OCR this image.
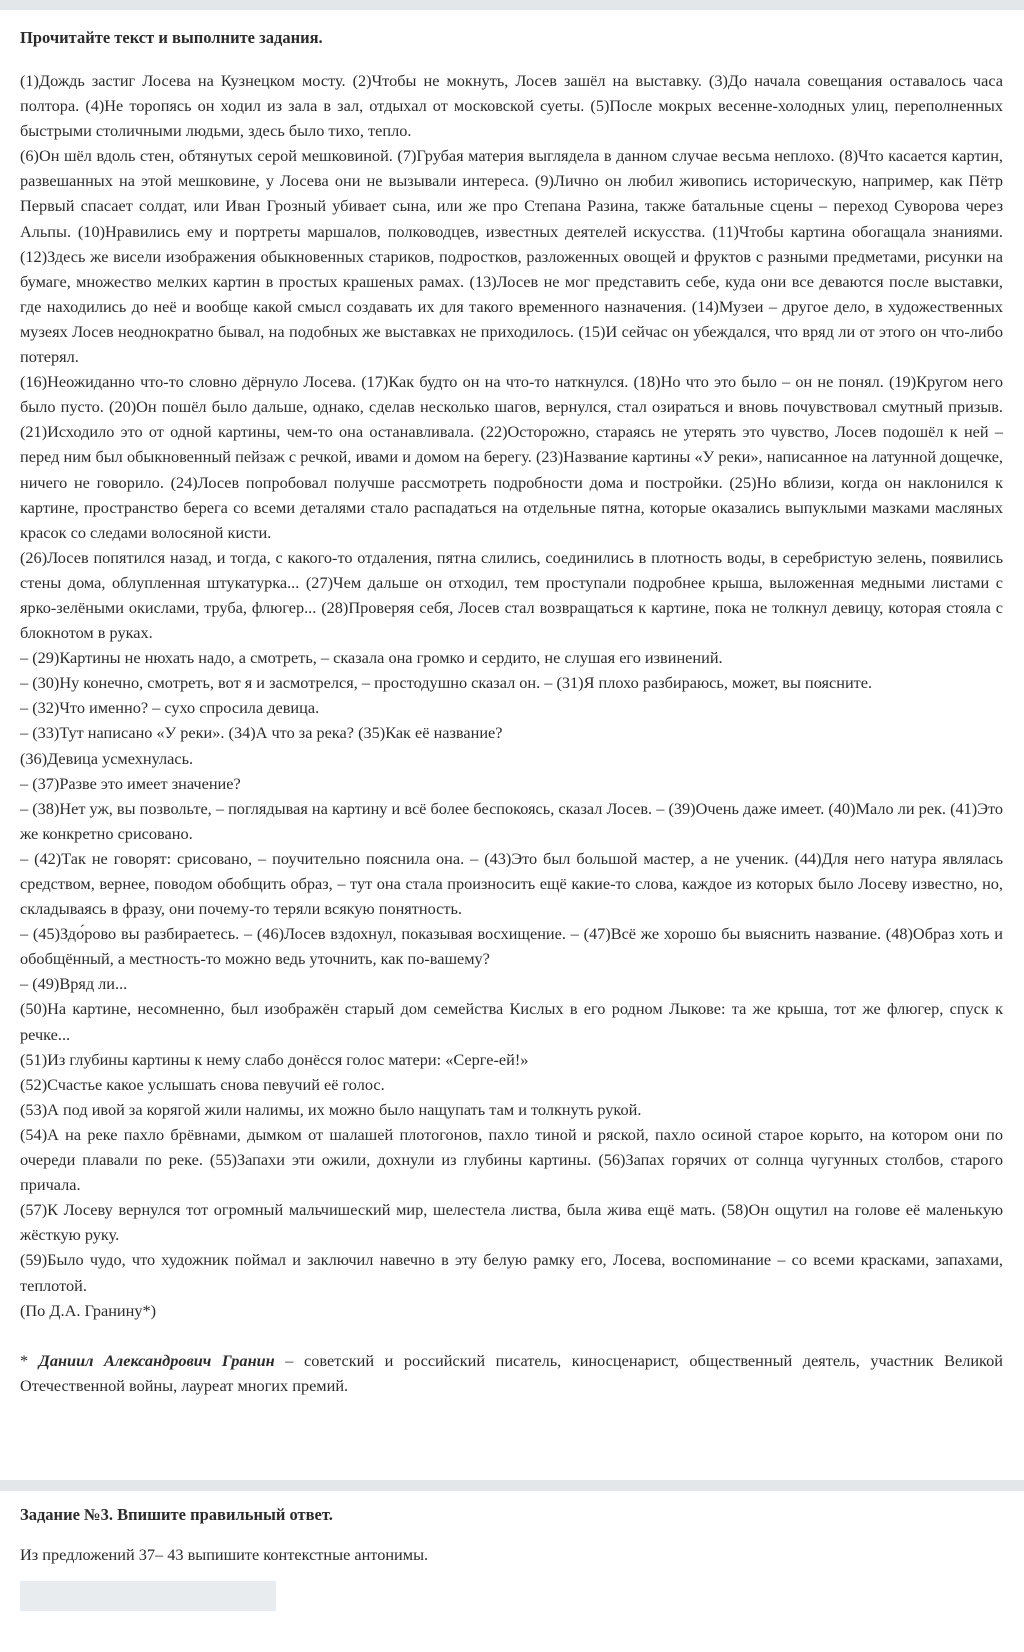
Прочитайте текст и выполните задания.

(1)Дождь застиг Лосева на Кузнецком мосту. (2)Чтобы не мокнуть, Лосев зашёл на выставку. (3)До начала совещания оставалось часа полтора. (4)Не торопясь он ходил из зала в зал, отдыхал от московской суеты. (5)После мокрых весенне-холодных улиц, переполненных быстрыми столичными людьми, здесь было тихо, тепло.

(6)Он шёл вдоль стен, обтянутых серой мешковиной. (7)Грубая материя выглядела в данном случае весьма неплохо. (8)Что касается картин, развешанных на этой мешковине, у Лосева они не вызывали интереса. (9)Лично он любил живопись историческую, например, как Пётр Первый спасает солдат, или Иван Грозный убивает сына, или же про Степана Разина, также батальные сцены – переход Суворова через Альпы. (10)Нравились ему и портреты маршалов, полководцев, известных деятелей искусства. (11)Чтобы картина обогащала знаниями. (12)Здесь же висели изображения обыкновенных стариков, подростков, разложенных овощей и фруктов с разными предметами, рисунки на бумаге, множество мелких картин в простых крашеных рамах. (13)Лосев не мог представить себе, куда они все деваются после выставки, где находились до неё и вообще какой смысл создавать их для такого временного назначения. (14)Музеи – другое дело, в художественных музеях Лосев неоднократно бывал, на подобных же выставках не приходилось. (15)И сейчас он убеждался, что вряд ли от этого он что-либо потерял.

(16)Неожиданно что-то словно дёрнуло Лосева. (17)Как будто он на что-то наткнулся. (18)Но что это было – он не понял. (19)Кругом него было пусто. (20)Он пошёл было дальше, однако, сделав несколько шагов, вернулся, стал озираться и вновь почувствовал смутный призыв. (21)Исходило это от одной картины, чем-то она останавливала. (22)Осторожно, стараясь не утерять это чувство, Лосев подошёл к ней – перед ним был обыкновенный пейзаж с речкой, ивами и домом на берегу. (23)Название картины «У реки», написанное на латунной дощечке, ничего не говорило. (24)Лосев попробовал получше рассмотреть подробности дома и постройки. (25)Но вблизи, когда он наклонился к картине, пространство берега со всеми деталями стало распадаться на отдельные пятна, которые оказались выпуклыми мазками масляных красок со следами волосяной кисти.

(26)Лосев попятился назад, и тогда, с какого-то отдаления, пятна слились, соединились в плотность воды, в серебристую зелень, появились стены дома, облупленная штукатурка... (27)Чем дальше он отходил, тем проступали подробнее крыша, выложенная медными листами с ярко-зелёными окислами, труба, флюгер... (28)Проверяя себя, Лосев стал возвращаться к картине, пока не толкнул девицу, которая стояла с блокнотом в руках.

– (29)Картины не нюхать надо, а смотреть, – сказала она громко и сердито, не слушая его извинений.

– (30)Ну конечно, смотреть, вот я и засмотрелся, – простодушно сказал он. – (31)Я плохо разбираюсь, может, вы поясните.

– (32)Что именно? – сухо спросила девица.

– (33)Тут написано «У реки». (34)А что за река? (35)Как её название?

(36)Девица усмехнулась.

– (37)Разве это имеет значение?

– (38)Нет уж, вы позвольте, – поглядывая на картину и всё более беспокоясь, сказал Лосев. – (39)Очень даже имеет. (40)Мало ли рек. (41)Это же конкретно срисовано.

– (42)Так не говорят: срисовано, – поучительно пояснила она. – (43)Это был большой мастер, а не ученик. (44)Для него натура являлась средством, вернее, поводом обобщить образ, – тут она стала произносить ещё какие-то слова, каждое из которых было Лосеву известно, но, складываясь в фразу, они почему-то теряли всякую понятность.

– (45)Здо́рово вы разбираетесь. – (46)Лосев вздохнул, показывая восхищение. – (47)Всё же хорошо бы выяснить название. (48)Образ хоть и обобщённый, а местность-то можно ведь уточнить, как по-вашему?

– (49)Вряд ли...

(50)На картине, несомненно, был изображён старый дом семейства Кислых в его родном Лыкове: та же крыша, тот же флюгер, спуск к речке...

(51)Из глубины картины к нему слабо донёсся голос матери: «Серге-ей!»

(52)Счастье какое услышать снова певучий её голос.

(53)А под ивой за корягой жили налимы, их можно было нащупать там и толкнуть рукой.

(54)А на реке пахло брёвнами, дымком от шалашей плотогонов, пахло тиной и ряской, пахло осиной старое корыто, на котором они по очереди плавали по реке. (55)Запахи эти ожили, дохнули из глубины картины. (56)Запах горячих от солнца чугунных столбов, старого причала.

(57)К Лосеву вернулся тот огромный мальчишеский мир, шелестела листва, была жива ещё мать. (58)Он ощутил на голове её маленькую жёсткую руку.

(59)Было чудо, что художник поймал и заключил навечно в эту белую рамку его, Лосева, воспоминание – со всеми красками, запахами, теплотой.

(По Д.А. Гранину*)

* Даниил Александрович Гранин – советский и российский писатель, киносценарист, общественный деятель, участник Великой Отечественной войны, лауреат многих премий.

Задание №3. Впишите правильный ответ.
Из предложений 37– 43 выпишите контекстные антонимы.
